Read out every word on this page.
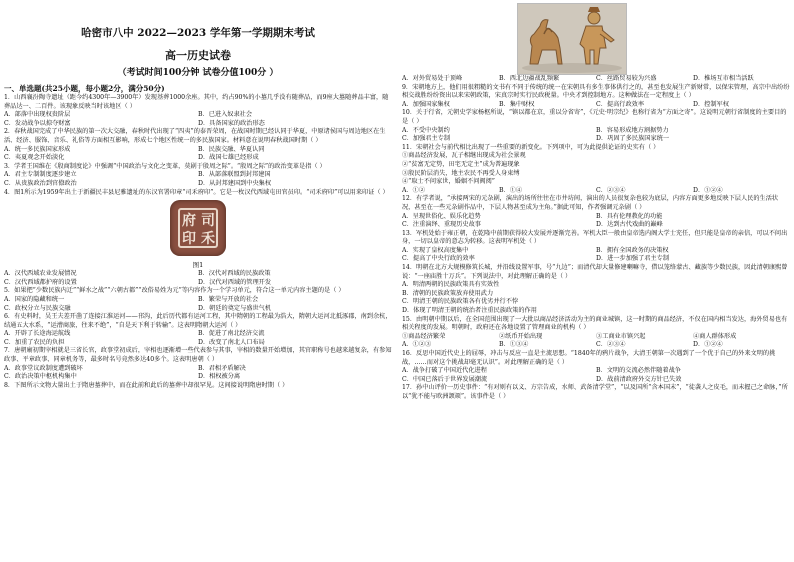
哈密市八中 2022—2023 学年第一学期期末考试

高一历史试卷

（考试时间100分钟 试卷分值100分 ）

一、单选题(共25小题，每小题2分，满分50分)

1．山西襄汾陶寺遗址（距今约4300年—3900年）发现基葬1000余座。其中，约占90%的小墓几乎没有随葬品，而9座大墓随葬品丰富，随葬品达一、二百件。该现象反映当时该地区（ ）

A．部落中出现权贵阶层	B．已进入奴隶社会
C．发动战争以掠夺财富	D．具备国家的政治形态

2．春秋战国完成了中华民族的第一次大交融，春秋时代出现了“四夷”的泰晋荣周，在战国时期已经认同于华夏，中原诸侯国与周边地区在生活、经济、服饰、音乐、礼俗等方面相互影响，形成七个地区性统一的多民族国家。材料意在说明春秋战国时期（ ）

A．统一多民族国家形成	B．民族交融、华夏认同
C．夷夏观念开始淡化	D．战国七雄已经形成

3．学者王国维在《殷商制度论》中强调“中国政治与文化之变革，莫剧于殷周之际”。“殷周之际”的政治变革是指（ ）

A．君主专制制度逐步建立	B．从部落联盟到封邦建国
C．从贵族政治到官僚政治	D．从封邦建国到中央集权

4．图1所示为1959年出土于新疆民丰县尼雅遗址的东汉官署印章“司禾府印”。它是一枚汉代西域屯田官员印。“司禾府印”可以用来印证（ ）

司
禾
府
印
图1
A．汉代西域农业发展情况	B．汉代对西域的民族政策
C．汉代西域都护府的设置	D．汉代对西域的管理开发

5．如果把“少数民族内迁”“鲜水之战”“六朝古都”“改俗易姓为元”等内容作为一个学习单元，符合这一单元内容主题的是（ ）

A．国家的隐藏和统一	B．繁荣与开放的社会
C．政权分立与民族交融	D．朝廷的奠定与盛世气机

6．有史料时，吴王夫差开凿了连接江淮运河——邗沟，此后历代都有运河工程，其中隋朝的工程最为浩大，隋朝大运河北抵涿郡，南到余杭，结通五大水系，“运漕商旅，往来不绝”，“自是天下利于转输”。这表明隋朝大运河（ ）

A．开辟了长途海运航线	B．促进了南北经济交流
C．加重了农民的负担	D．改变了南北人口布局

7．唐朝廟初期宰相就是三省长官，政事堂初成后，宰相也逐渐增一些代表参与其事，宰相的数量开始增加，其官职称号也越来越复杂，有参知政事、平章政事、同章机务等，最多时名号竟然多达40多个。这表明唐朝（ ）

A．政事堂议政制度遭到破坏	B．君相矛盾解决
C．政治决策中枢机构集中	D．相权被分离

8．下图所示文物大量出土于隋唐墓葬中，而在此前和此后的墓葬中却很罕见。这间接说明隋唐时期（ ）

A．对外贸易处于顶峰	B．西北边疆战乱频繁	C．丝路贸易较为兴盛	D．椎场互市相当活跃

9．宋朝地方上，他们用很粗糙的文书有不同于传统的统一在宋朝具有多生事体供行之的，甚至也发展生产新财常，以保宋管理，高宗中出纷纷相交战胜纷纷资出以来宋朝政策，宋真宗时实行民政税量。中央才到控制地方。这种做法在一定程度上（ ）

A．加强国家集权	B．集中财权	C．提高行政效率	D．控制军权

10．关于行省，元朝史学家杨枢所说，“镇以都在京，重以分省寄”，《元史·明宗纪》也称行省为“方面之寄”。这说明元朝行省制度的主要目的是（ ）

A．不受中央制约	B．容易形成地方割据势力
C．加强君主专制	D．巩固了多民族国家统一

11．宋朝社会与前代相比出现了一些重要的新变化。下列项中，可为此提供论证的史实有（ ）

①商品经济发展，瓦子相继出现成为社会景观
②“贫富无定势，田宅无定主”成为普遍现象
③殷民阶层消失，地主农民不再受人身束缚
④“取士不问家世，婚姻不问阀阅”
A．①②	B．①④	C．②③④	D．①②④

12．有学者说，“承接两宋的元杂剧，演出的场所往往在市井坊间，演出的人员很复杂也较为底层，内容方面更多地反映下层人民的生活状况，甚至在一些元杂剧作品中，下层人物甚至成为主角。”据此可知，作者强调元杂剧（ ）

A．呈现世俗化、娱乐化趋势	B．具有伦理教化的功能
C．注重演绎、重现历史故事	D．达到古代戏曲的巅峰

13．军机处始于雍正朝，在乾隆中前期获得较大发展并逐渐完善。军机大臣一般由皇帝选内阁大学士充任，但只能是皇帝的亲信，可以不问出身，一切以皇帝的意志为转移。这表明军机处（ ）

A．实现了皇权高度集中	B．拥有全国政务的决策权
C．提高了中央行政的效率	D．进一步加强了君主专制

14．明朝在北方大规模修筑长城，并沿线设置军事，号“九边”；而清代却大量修建喇嘛寺，借以笼络蒙古、藏族等少数民族，因此清朝康熙曾说：“一座庙胜十万兵”。下列说法中，对此理解正确的是（ ）

A．明清两朝的民族政策具有实效性
B．清朝的民族政策放弃使用武力
C．明清王朝的民族政策各有优劣并行不悖
D．体现了明清王朝的统治者注重民族政策的作用

15．由明朝中期以后，在全国范围出现了一大批以商品经济活动为主的商业城镇，这一时期的商品经济，不仅在国内相当发达，海外贸易也有相关程度的发展。明朝时，政府还在各地设置了管理商业的机构（ ）

①商品经济繁荣	②纸币开始出现	③工商业市镇兴起	④商人群体形成
A．①②③	B．①③④	C．②③④	D．①②④

16．反思中国近代史上的屈辱，冲击与反应一直是主流思想。“1840年的鸦片战争，大清王朝第一次遇到了一个优于自己的外来文明的挑战，……而对这个挑战却毫无认识”。对此理解正确的是（ ）

A．战争打破了中国近代化进程	B．文明的交流必然伴随着战争
C．中国已落后于世界发展潮流	D．战前清政府外交方针已失效

17．孙中山评价一历史事件：“有对则有以义、方宗告成，水师、武备清学堂”，“以及国所“含本国末”，“徒袭人之皮毛，而未握己之命脉，”所以“犹不能与欧洲颉颃”。该事件是（ ）
